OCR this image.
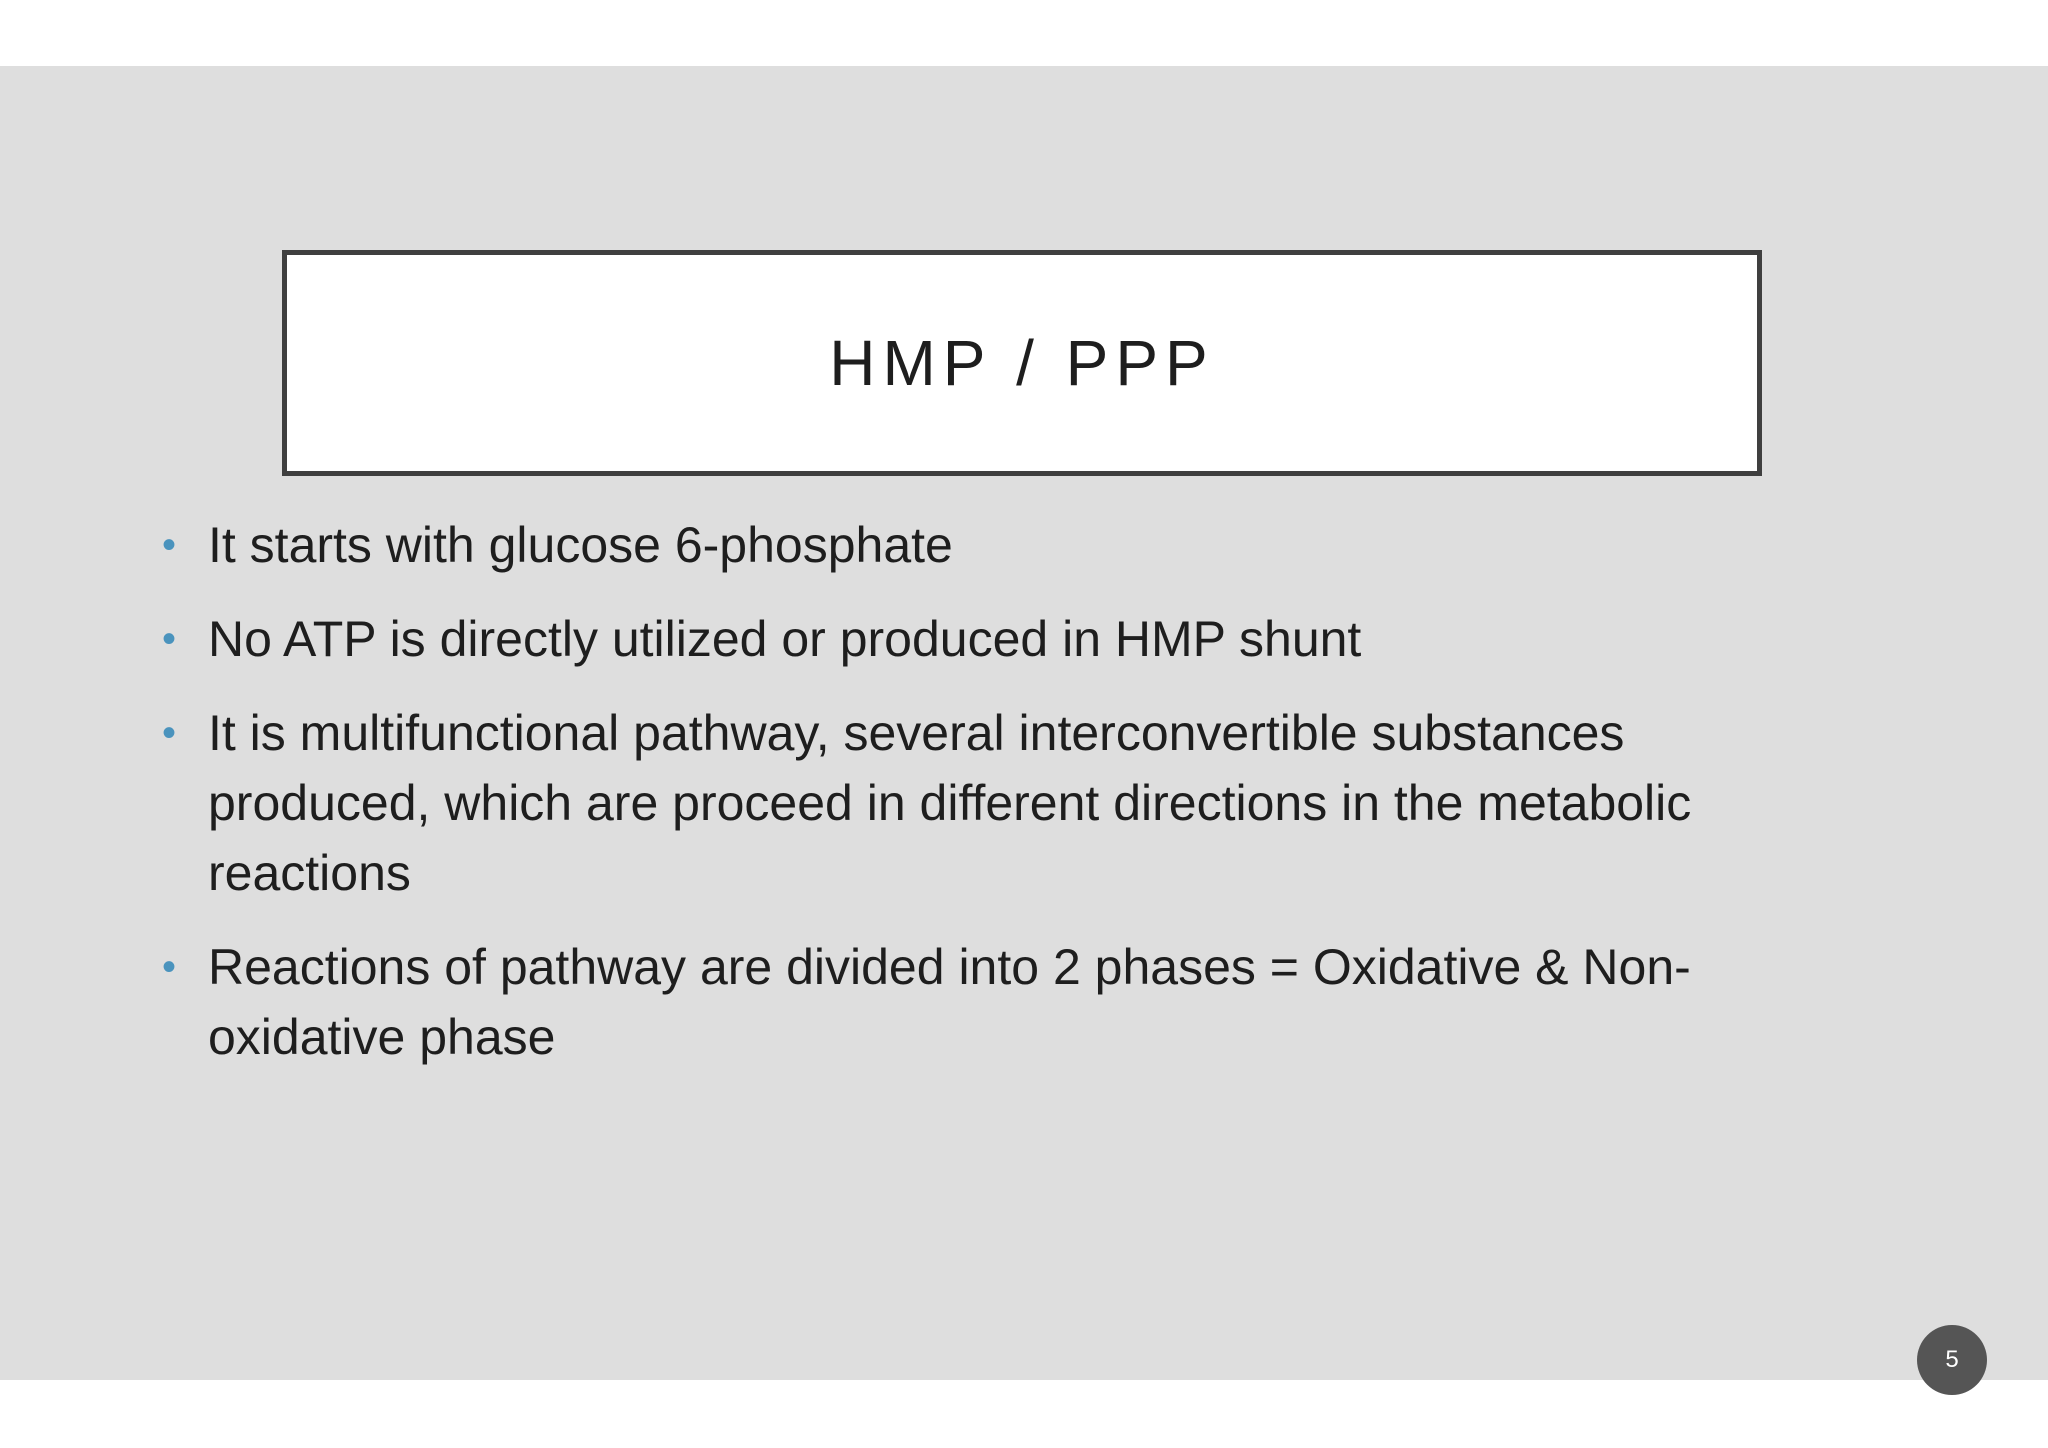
HMP / PPP
• It starts with glucose 6-phosphate
• No ATP is directly utilized or produced in HMP shunt
• It is multifunctional pathway, several interconvertible substances produced, which are proceed in different directions in the metabolic reactions
• Reactions of pathway are divided into 2 phases = Oxidative & Non-oxidative phase
5
